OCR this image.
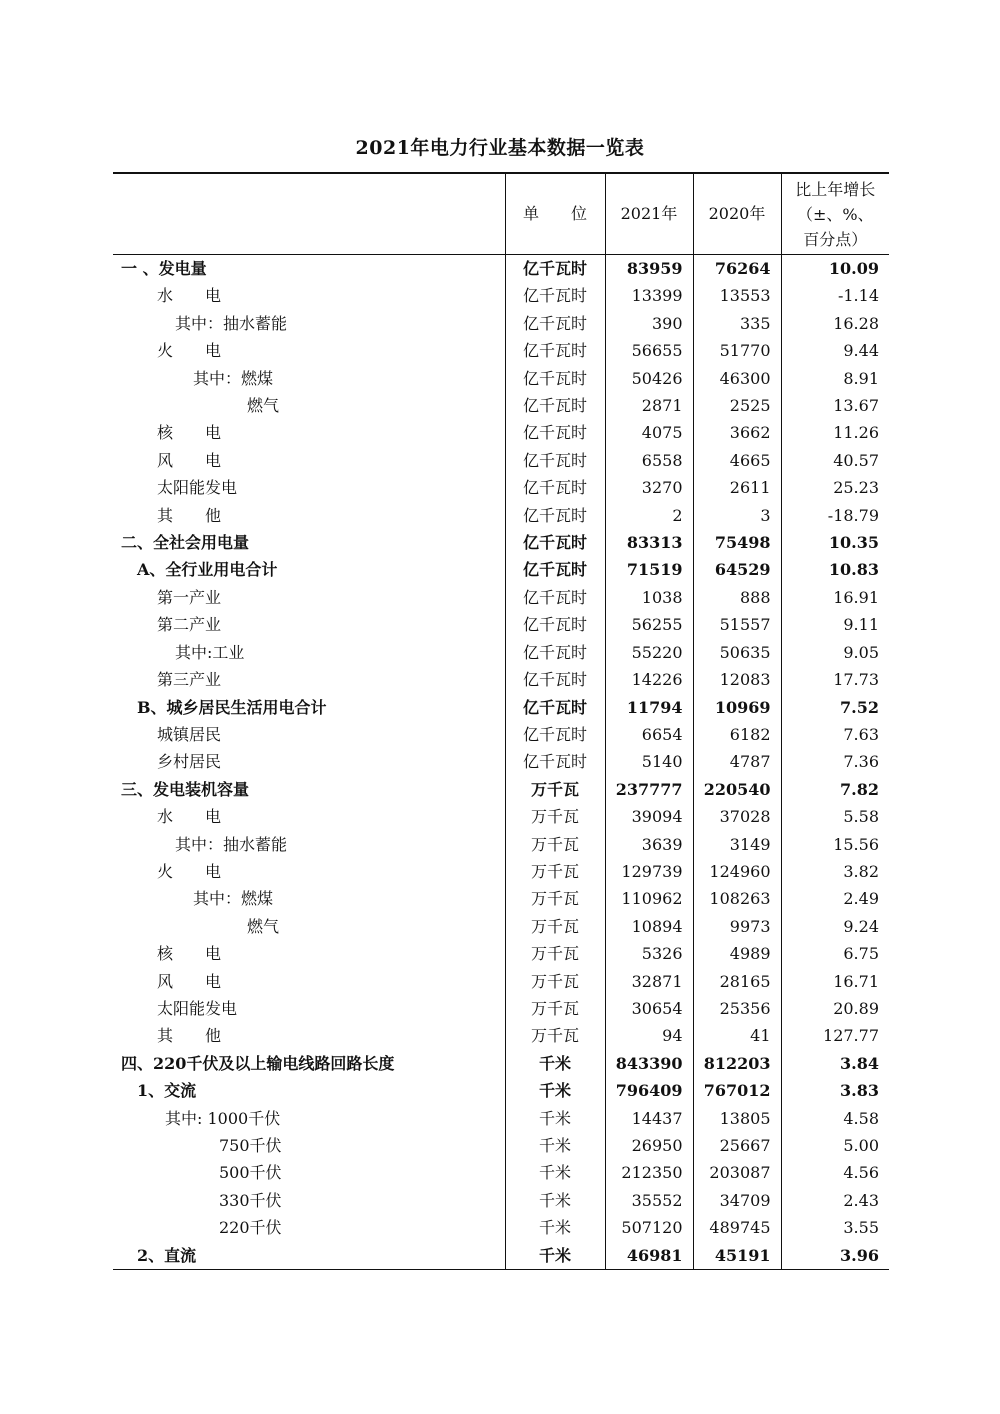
2021年电力行业基本数据一览表
	单　　位	2021年	2020年	比上年增长
（±、%、
百分点）

一 、发电量	亿千瓦时	83959	76264	10.09
水　　电	亿千瓦时	13399	13553	-1.14
其中：抽水蓄能	亿千瓦时	390	335	16.28
火　　电	亿千瓦时	56655	51770	9.44
其中：燃煤	亿千瓦时	50426	46300	8.91
燃气	亿千瓦时	2871	2525	13.67
核　　电	亿千瓦时	4075	3662	11.26
风　　电	亿千瓦时	6558	4665	40.57
太阳能发电	亿千瓦时	3270	2611	25.23
其　　他	亿千瓦时	2	3	-18.79
二、全社会用电量	亿千瓦时	83313	75498	10.35
A、全行业用电合计	亿千瓦时	71519	64529	10.83
第一产业	亿千瓦时	1038	888	16.91
第二产业	亿千瓦时	56255	51557	9.11
其中:工业	亿千瓦时	55220	50635	9.05
第三产业	亿千瓦时	14226	12083	17.73
B、城乡居民生活用电合计	亿千瓦时	11794	10969	7.52
城镇居民	亿千瓦时	6654	6182	7.63
乡村居民	亿千瓦时	5140	4787	7.36
三、发电装机容量	万千瓦	237777	220540	7.82
水　　电	万千瓦	39094	37028	5.58
其中：抽水蓄能	万千瓦	3639	3149	15.56
火　　电	万千瓦	129739	124960	3.82
其中：燃煤	万千瓦	110962	108263	2.49
燃气	万千瓦	10894	9973	9.24
核　　电	万千瓦	5326	4989	6.75
风　　电	万千瓦	32871	28165	16.71
太阳能发电	万千瓦	30654	25356	20.89
其　　他	万千瓦	94	41	127.77
四、220千伏及以上输电线路回路长度	千米	843390	812203	3.84
1、交流	千米	796409	767012	3.83
其中: 1000千伏	千米	14437	13805	4.58
750千伏	千米	26950	25667	5.00
500千伏	千米	212350	203087	4.56
330千伏	千米	35552	34709	2.43
220千伏	千米	507120	489745	3.55
2、直流	千米	46981	45191	3.96
